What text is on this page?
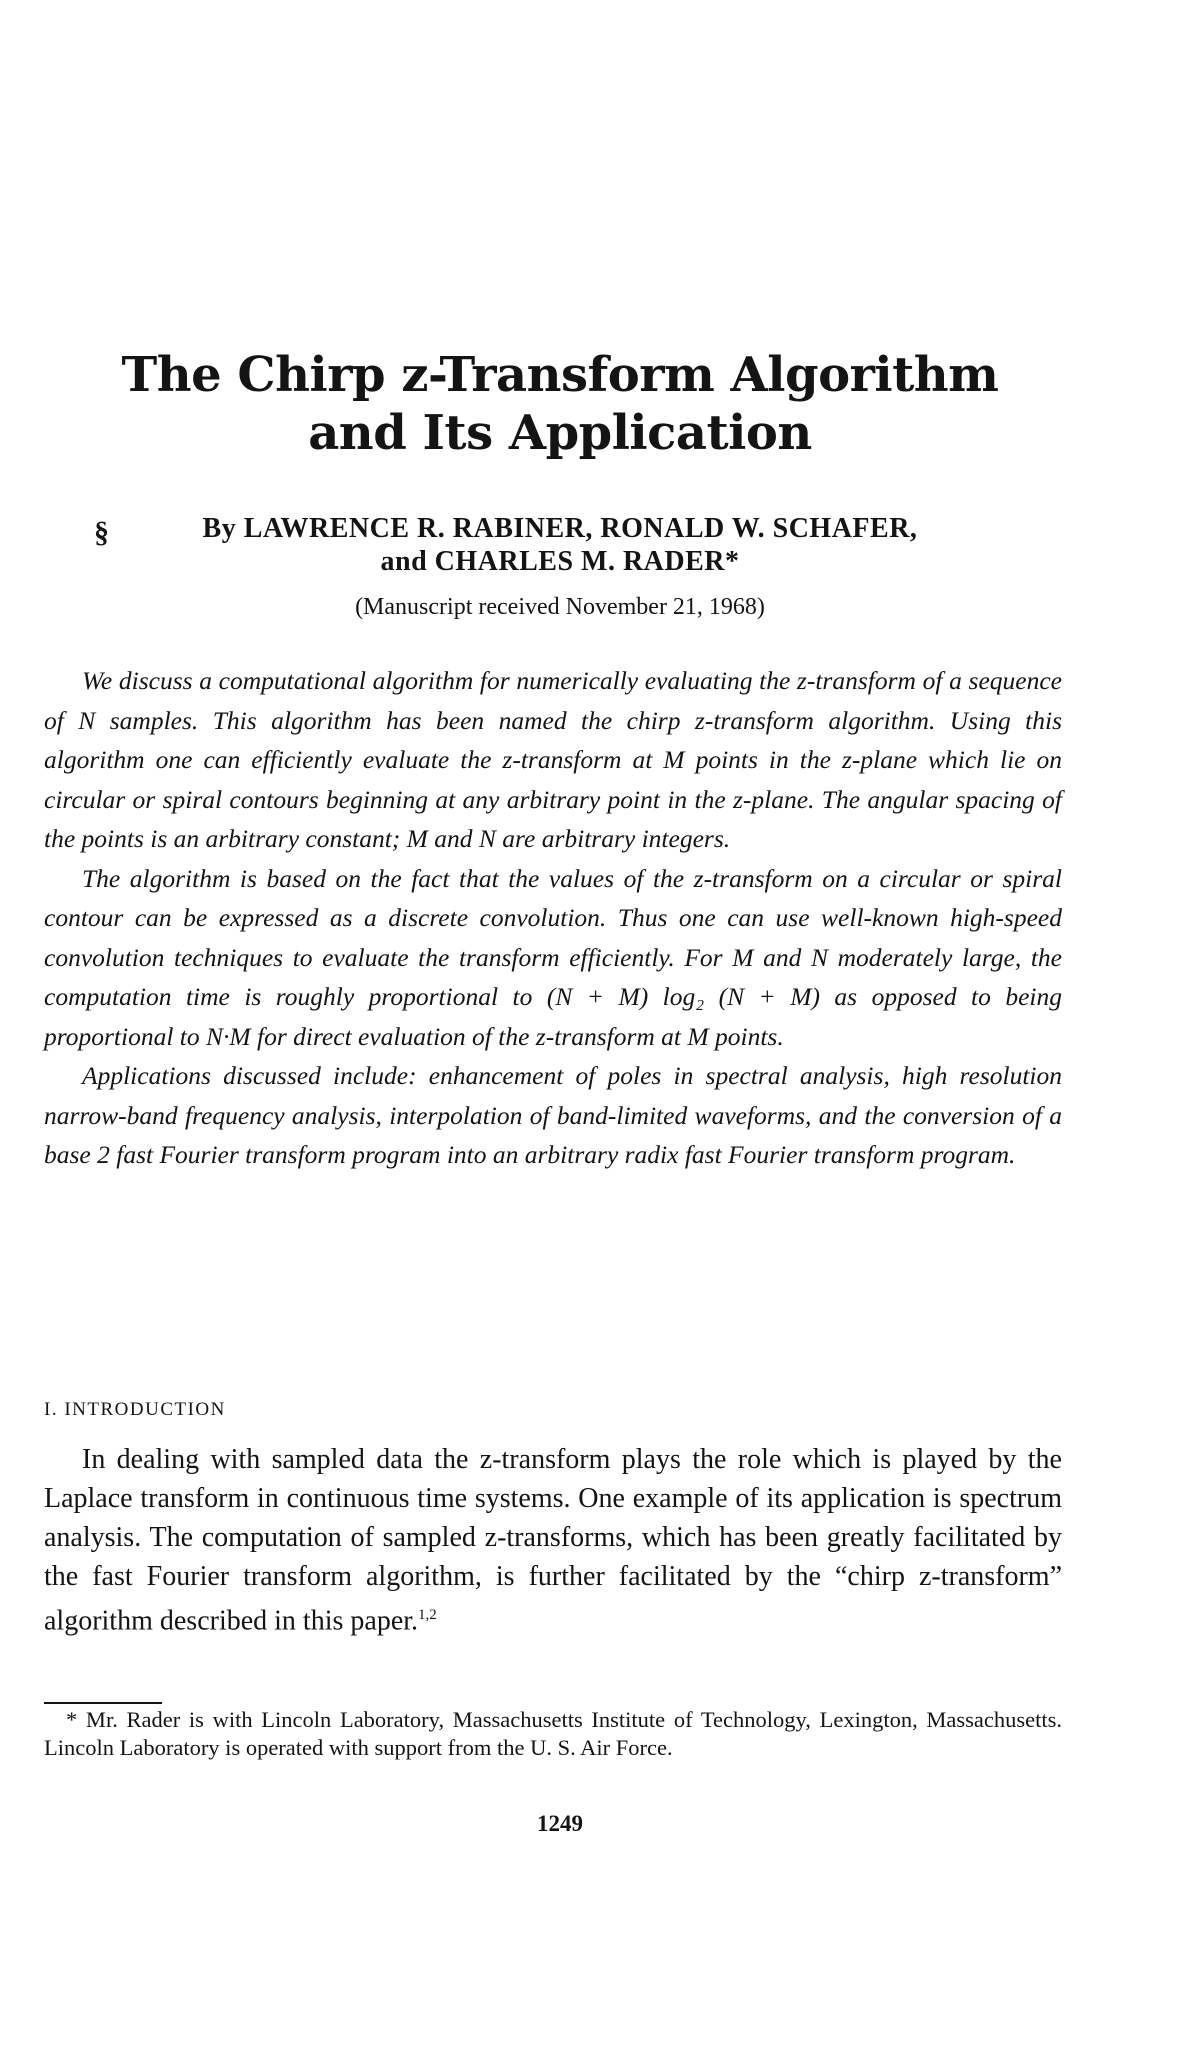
The Chirp z-Transform Algorithm
and Its Application
§	By LAWRENCE R. RABINER, RONALD W. SCHAFER,
and CHARLES M. RADER*
(Manuscript received November 21, 1968)

We discuss a computational algorithm for numerically evaluating the z-transform of a sequence of N samples. This algorithm has been named the chirp z-transform algorithm. Using this algorithm one can efficiently evaluate the z-transform at M points in the z-plane which lie on circular or spiral contours beginning at any arbitrary point in the z-plane. The angular spacing of the points is an arbitrary constant; M and N are arbitrary integers.

The algorithm is based on the fact that the values of the z-transform on a circular or spiral contour can be expressed as a discrete convolution. Thus one can use well-known high-speed convolution techniques to evaluate the transform efficiently. For M and N moderately large, the computation time is roughly proportional to (N + M) log₂ (N + M) as opposed to being proportional to N·M for direct evaluation of the z-transform at M points.

Applications discussed include: enhancement of poles in spectral analysis, high resolution narrow-band frequency analysis, interpolation of band-limited waveforms, and the conversion of a base 2 fast Fourier transform program into an arbitrary radix fast Fourier transform program.

I. INTRODUCTION

In dealing with sampled data the z-transform plays the role which is played by the Laplace transform in continuous time systems. One example of its application is spectrum analysis. The computation of sampled z-transforms, which has been greatly facilitated by the fast Fourier transform algorithm, is further facilitated by the “chirp z-transform” algorithm described in this paper.$^{1,2}$

* Mr. Rader is with Lincoln Laboratory, Massachusetts Institute of Technology, Lexington, Massachusetts. Lincoln Laboratory is operated with support from the U. S. Air Force.

1249
